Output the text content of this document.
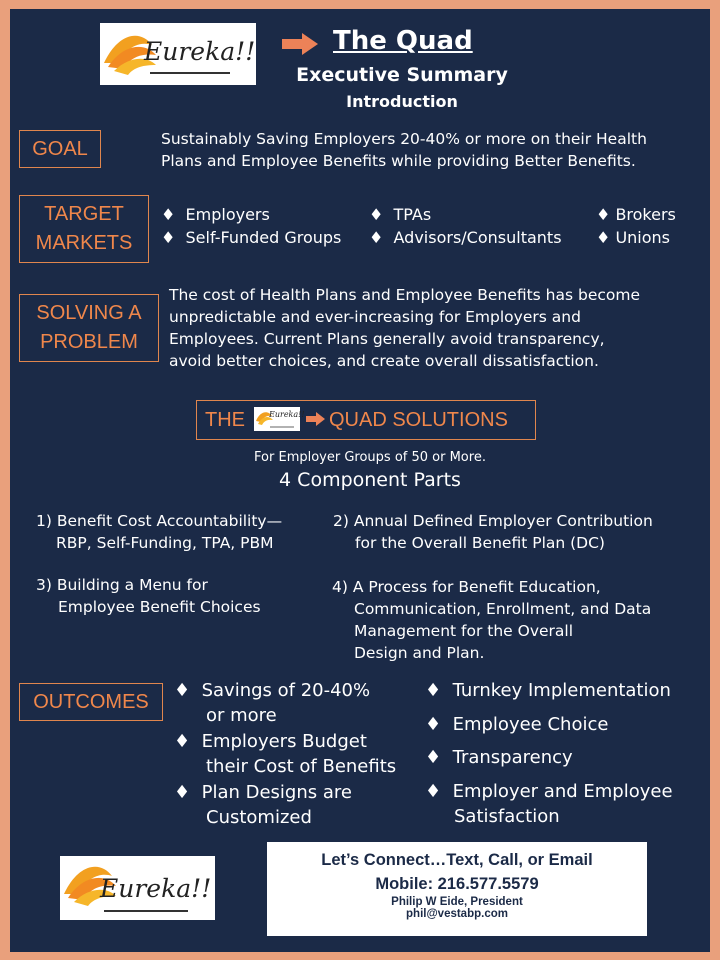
Eureka!!	The Quad
Executive Summary
Introduction
GOAL	Sustainably Saving Employers 20-40% or more on their Health
Plans and Employee Benefits while providing Better Benefits.
TARGET
MARKETS
♦ Employers	♦ TPAs	♦ Brokers
♦ Self-Funded Groups ♦ Advisors/Consultants ♦ Unions
SOLVING A
PROBLEM
The cost of Health Plans and Employee Benefits has become
unpredictable and ever-increasing for Employers and
Employees. Current Plans generally avoid transparency,
avoid better choices, and create overall dissatisfaction.
THE	Eureka!! QUAD SOLUTIONS
For Employer Groups of 50 or More.
4 Component Parts
1) Benefit Cost Accountability—
RBP, Self-Funding, TPA, PBM
2) Annual Defined Employer Contribution
for the Overall Benefit Plan (DC)
3) Building a Menu for
Employee Benefit Choices
4) A Process for Benefit Education,
Communication, Enrollment, and Data
Management for the Overall
Design and Plan.
OUTCOMES
♦ Savings of 20-40%
or more
♦ Employers Budget
their Cost of Benefits
♦ Plan Designs are
Customized
♦ Turnkey Implementation
♦ Employee Choice
♦ Transparency
♦ Employer and Employee
Satisfaction
Eureka!!
Let’s Connect…Text, Call, or Email
Mobile: 216.577.5579
Philip W Eide, President
phil@vestabp.com
